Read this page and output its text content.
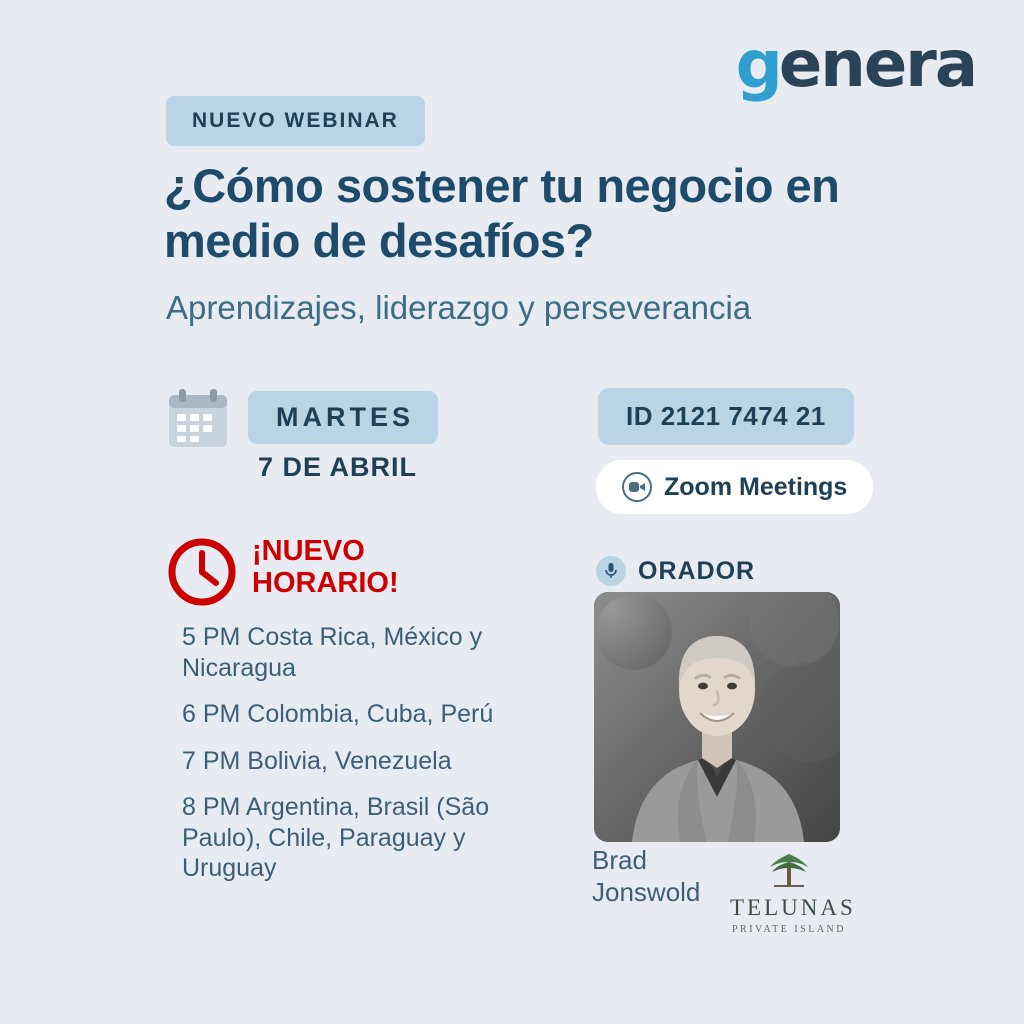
g
enera
NUEVO WEBINAR
¿Cómo sostener tu negocio en medio de desafíos?
Aprendizajes, liderazgo y perseverancia
MARTES
7 DE ABRIL
¡NUEVO HORARIO!
5 PM Costa Rica, México y Nicaragua
6 PM Colombia, Cuba, Perú
7 PM Bolivia, Venezuela
8 PM Argentina, Brasil (São Paulo), Chile, Paraguay y Uruguay
ID 2121 7474 21
Zoom Meetings
ORADOR
Brad Jonswold
TELUNAS
PRIVATE ISLAND
